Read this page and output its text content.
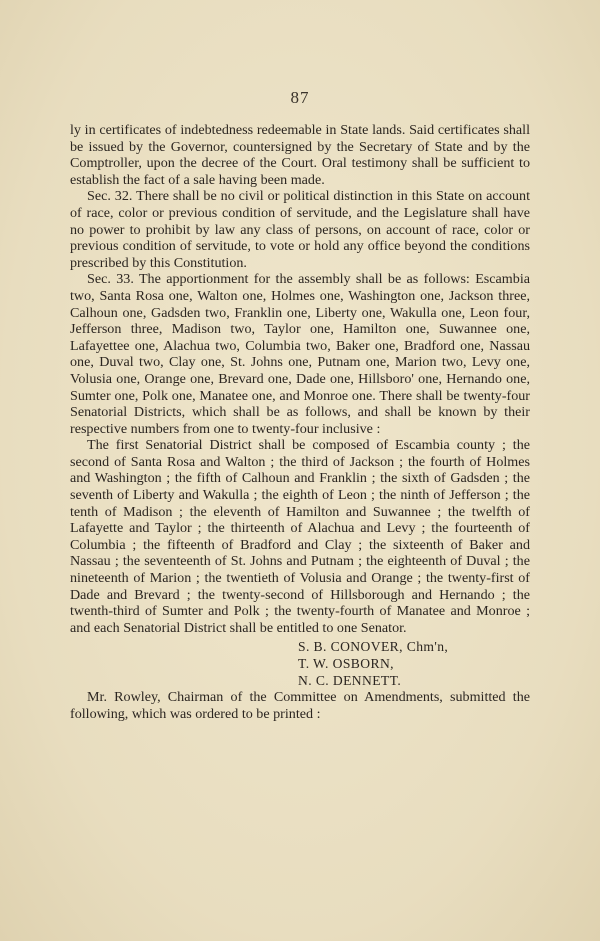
87

ly in certificates of indebtedness redeemable in State lands. Said certificates shall be issued by the Governor, countersigned by the Secretary of State and by the Comptroller, upon the decree of the Court. Oral testimony shall be sufficient to establish the fact of a sale having been made.

Sec. 32. There shall be no civil or political distinction in this State on account of race, color or previous condition of servitude, and the Legislature shall have no power to prohibit by law any class of persons, on account of race, color or previous condition of servitude, to vote or hold any office beyond the conditions prescribed by this Constitution.

Sec. 33. The apportionment for the assembly shall be as follows: Escambia two, Santa Rosa one, Walton one, Holmes one, Washington one, Jackson three, Calhoun one, Gadsden two, Franklin one, Liberty one, Wakulla one, Leon four, Jefferson three, Madison two, Taylor one, Hamilton one, Suwannee one, Lafayettee one, Alachua two, Columbia two, Baker one, Bradford one, Nassau one, Duval two, Clay one, St. Johns one, Putnam one, Marion two, Levy one, Volusia one, Orange one, Brevard one, Dade one, Hillsboro' one, Hernando one, Sumter one, Polk one, Manatee one, and Monroe one. There shall be twenty-four Senatorial Districts, which shall be as follows, and shall be known by their respective numbers from one to twenty-four inclusive :

The first Senatorial District shall be composed of Escambia county ; the second of Santa Rosa and Walton ; the third of Jackson ; the fourth of Holmes and Washington ; the fifth of Calhoun and Franklin ; the sixth of Gadsden ; the seventh of Liberty and Wakulla ; the eighth of Leon ; the ninth of Jefferson ; the tenth of Madison ; the eleventh of Hamilton and Suwannee ; the twelfth of Lafayette and Taylor ; the thirteenth of Alachua and Levy ; the fourteenth of Columbia ; the fifteenth of Bradford and Clay ; the sixteenth of Baker and Nassau ; the seventeenth of St. Johns and Putnam ; the eighteenth of Duval ; the nineteenth of Marion ; the twentieth of Volusia and Orange ; the twenty-first of Dade and Brevard ; the twenty-second of Hillsborough and Hernando ; the twenth-third of Sumter and Polk ; the twenty-fourth of Manatee and Monroe ; and each Senatorial District shall be entitled to one Senator.

S. B. CONOVER, Chm'n,
T. W. OSBORN,
N. C. DENNETT.

Mr. Rowley, Chairman of the Committee on Amendments, submitted the following, which was ordered to be printed :
